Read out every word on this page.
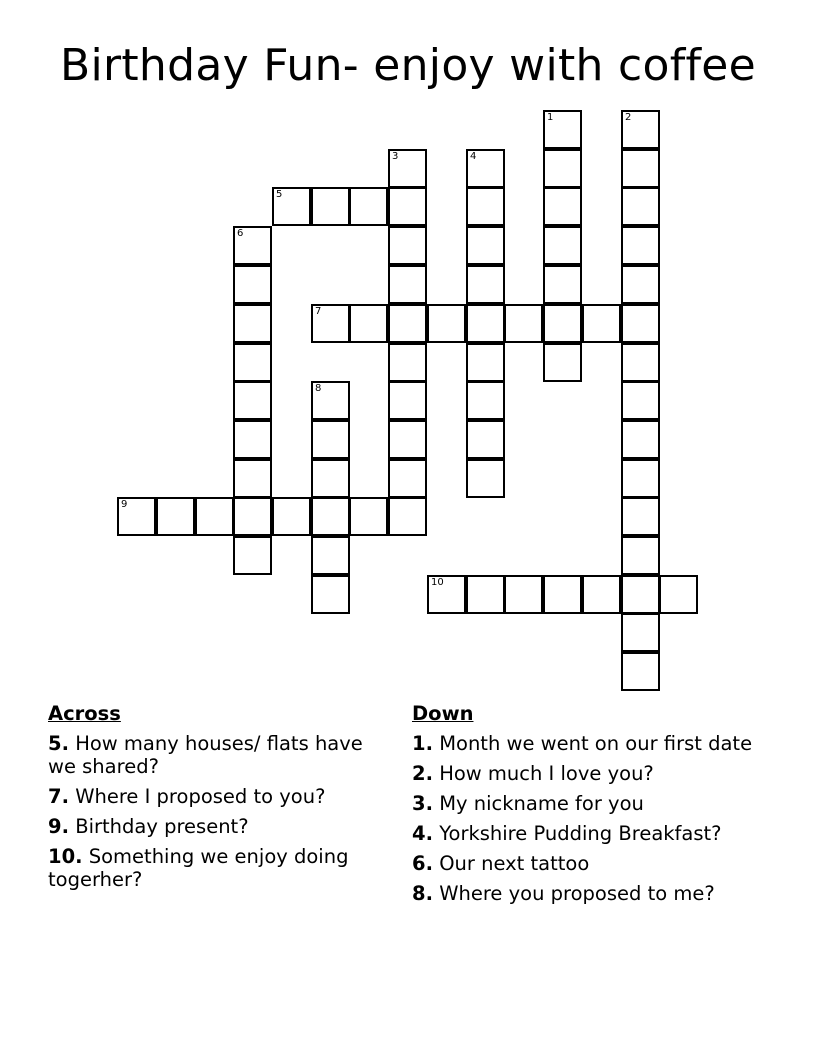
Birthday Fun- enjoy with coffee
1	2
3	4
5
6
7
8
9
10
Across
5. How many houses/ flats have we shared?
7. Where I proposed to you?
9. Birthday present?
10. Something we enjoy doing togerher?
Down
1. Month we went on our first date
2. How much I love you?
3. My nickname for you
4. Yorkshire Pudding Breakfast?
6. Our next tattoo
8. Where you proposed to me?
